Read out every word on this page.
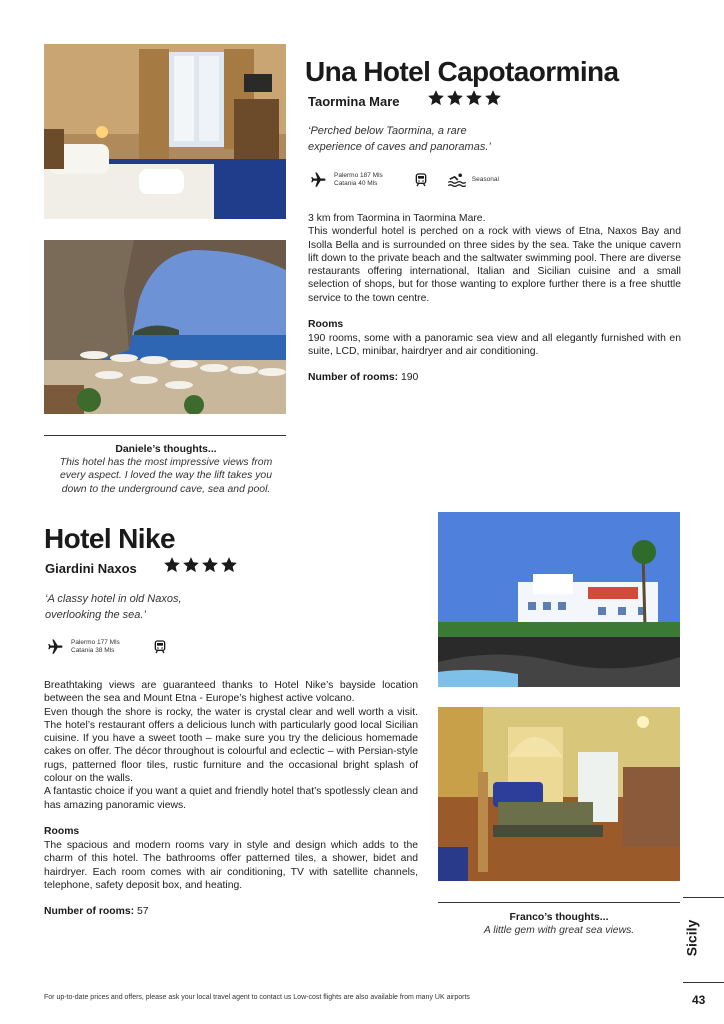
Una Hotel Capotaormina
Taormina Mare
‘Perched below Taormina, a rare experience of caves and panoramas.’
Palermo 187 Mls
Catania 40 Mls
Seasonal

3 km from Taormina in Taormina Mare.

This wonderful hotel is perched on a rock with views of Etna, Naxos Bay and Isolla Bella and is surrounded on three sides by the sea. Take the unique cavern lift down to the private beach and the saltwater swimming pool. There are diverse restaurants offering international, Italian and Sicilian cuisine and a small selection of shops, but for those wanting to explore further there is a free shuttle service to the town centre.

Rooms
190 rooms, some with a panoramic sea view and all elegantly furnished with en suite, LCD, minibar, hairdryer and air conditioning.
Number of rooms: 190
Daniele’s thoughts...
This hotel has the most impressive views from every aspect. I loved the way the lift takes you down to the underground cave, sea and pool.
Hotel Nike
Giardini Naxos
‘A classy hotel in old Naxos, overlooking the sea.’
Palermo 177 Mls
Catania 38 Mls

Breathtaking views are guaranteed thanks to Hotel Nike’s bayside location between the sea and Mount Etna - Europe’s highest active volcano.

Even though the shore is rocky, the water is crystal clear and well worth a visit. The hotel’s restaurant offers a delicious lunch with particularly good local Sicilian cuisine. If you have a sweet tooth – make sure you try the delicious homemade cakes on offer. The décor throughout is colourful and eclectic – with Persian-style rugs, patterned floor tiles, rustic furniture and the occasional bright splash of colour on the walls.

A fantastic choice if you want a quiet and friendly hotel that’s spotlessly clean and has amazing panoramic views.

Rooms
The spacious and modern rooms vary in style and design which adds to the charm of this hotel. The bathrooms offer patterned tiles, a shower, bidet and hairdryer. Each room comes with air conditioning, TV with satellite channels, telephone, safety deposit box, and heating.
Number of rooms: 57
Franco’s thoughts...
A little gem with great sea views.	Sicily
For up-to-date prices and offers, please ask your local travel agent to contact us Low-cost flights are also available from many UK airports	43
